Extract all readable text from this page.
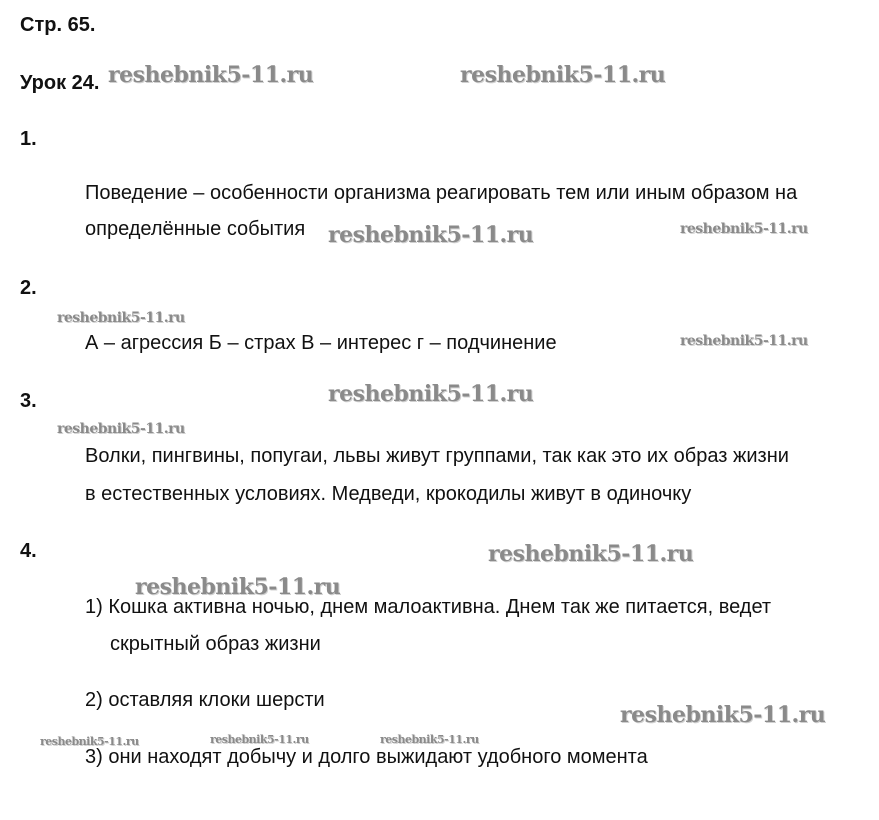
Стр. 65.
Урок 24.
1.
Поведение – особенности организма реагировать тем или иным образом на
определённые события
2.
А – агрессия Б – страх В – интерес г – подчинение
3.
Волки, пингвины, попугаи, львы живут группами, так как это их образ жизни
в естественных условиях. Медведи, крокодилы живут в одиночку
4.
1) Кошка активна ночью, днем малоактивна. Днем так же питается, ведет
скрытный образ жизни
2) оставляя клоки шерсти
3) они находят добычу и долго выжидают удобного момента
reshebnik5-11.ru	reshebnik5-11.ru
reshebnik5-11.ru	reshebnik5-11.ru
reshebnik5-11.ru
reshebnik5-11.ru
reshebnik5-11.ru
reshebnik5-11.ru
reshebnik5-11.ru
reshebnik5-11.ru
reshebnik5-11.ru
reshebnik5-11.ru	reshebnik5-11.ru	reshebnik5-11.ru
